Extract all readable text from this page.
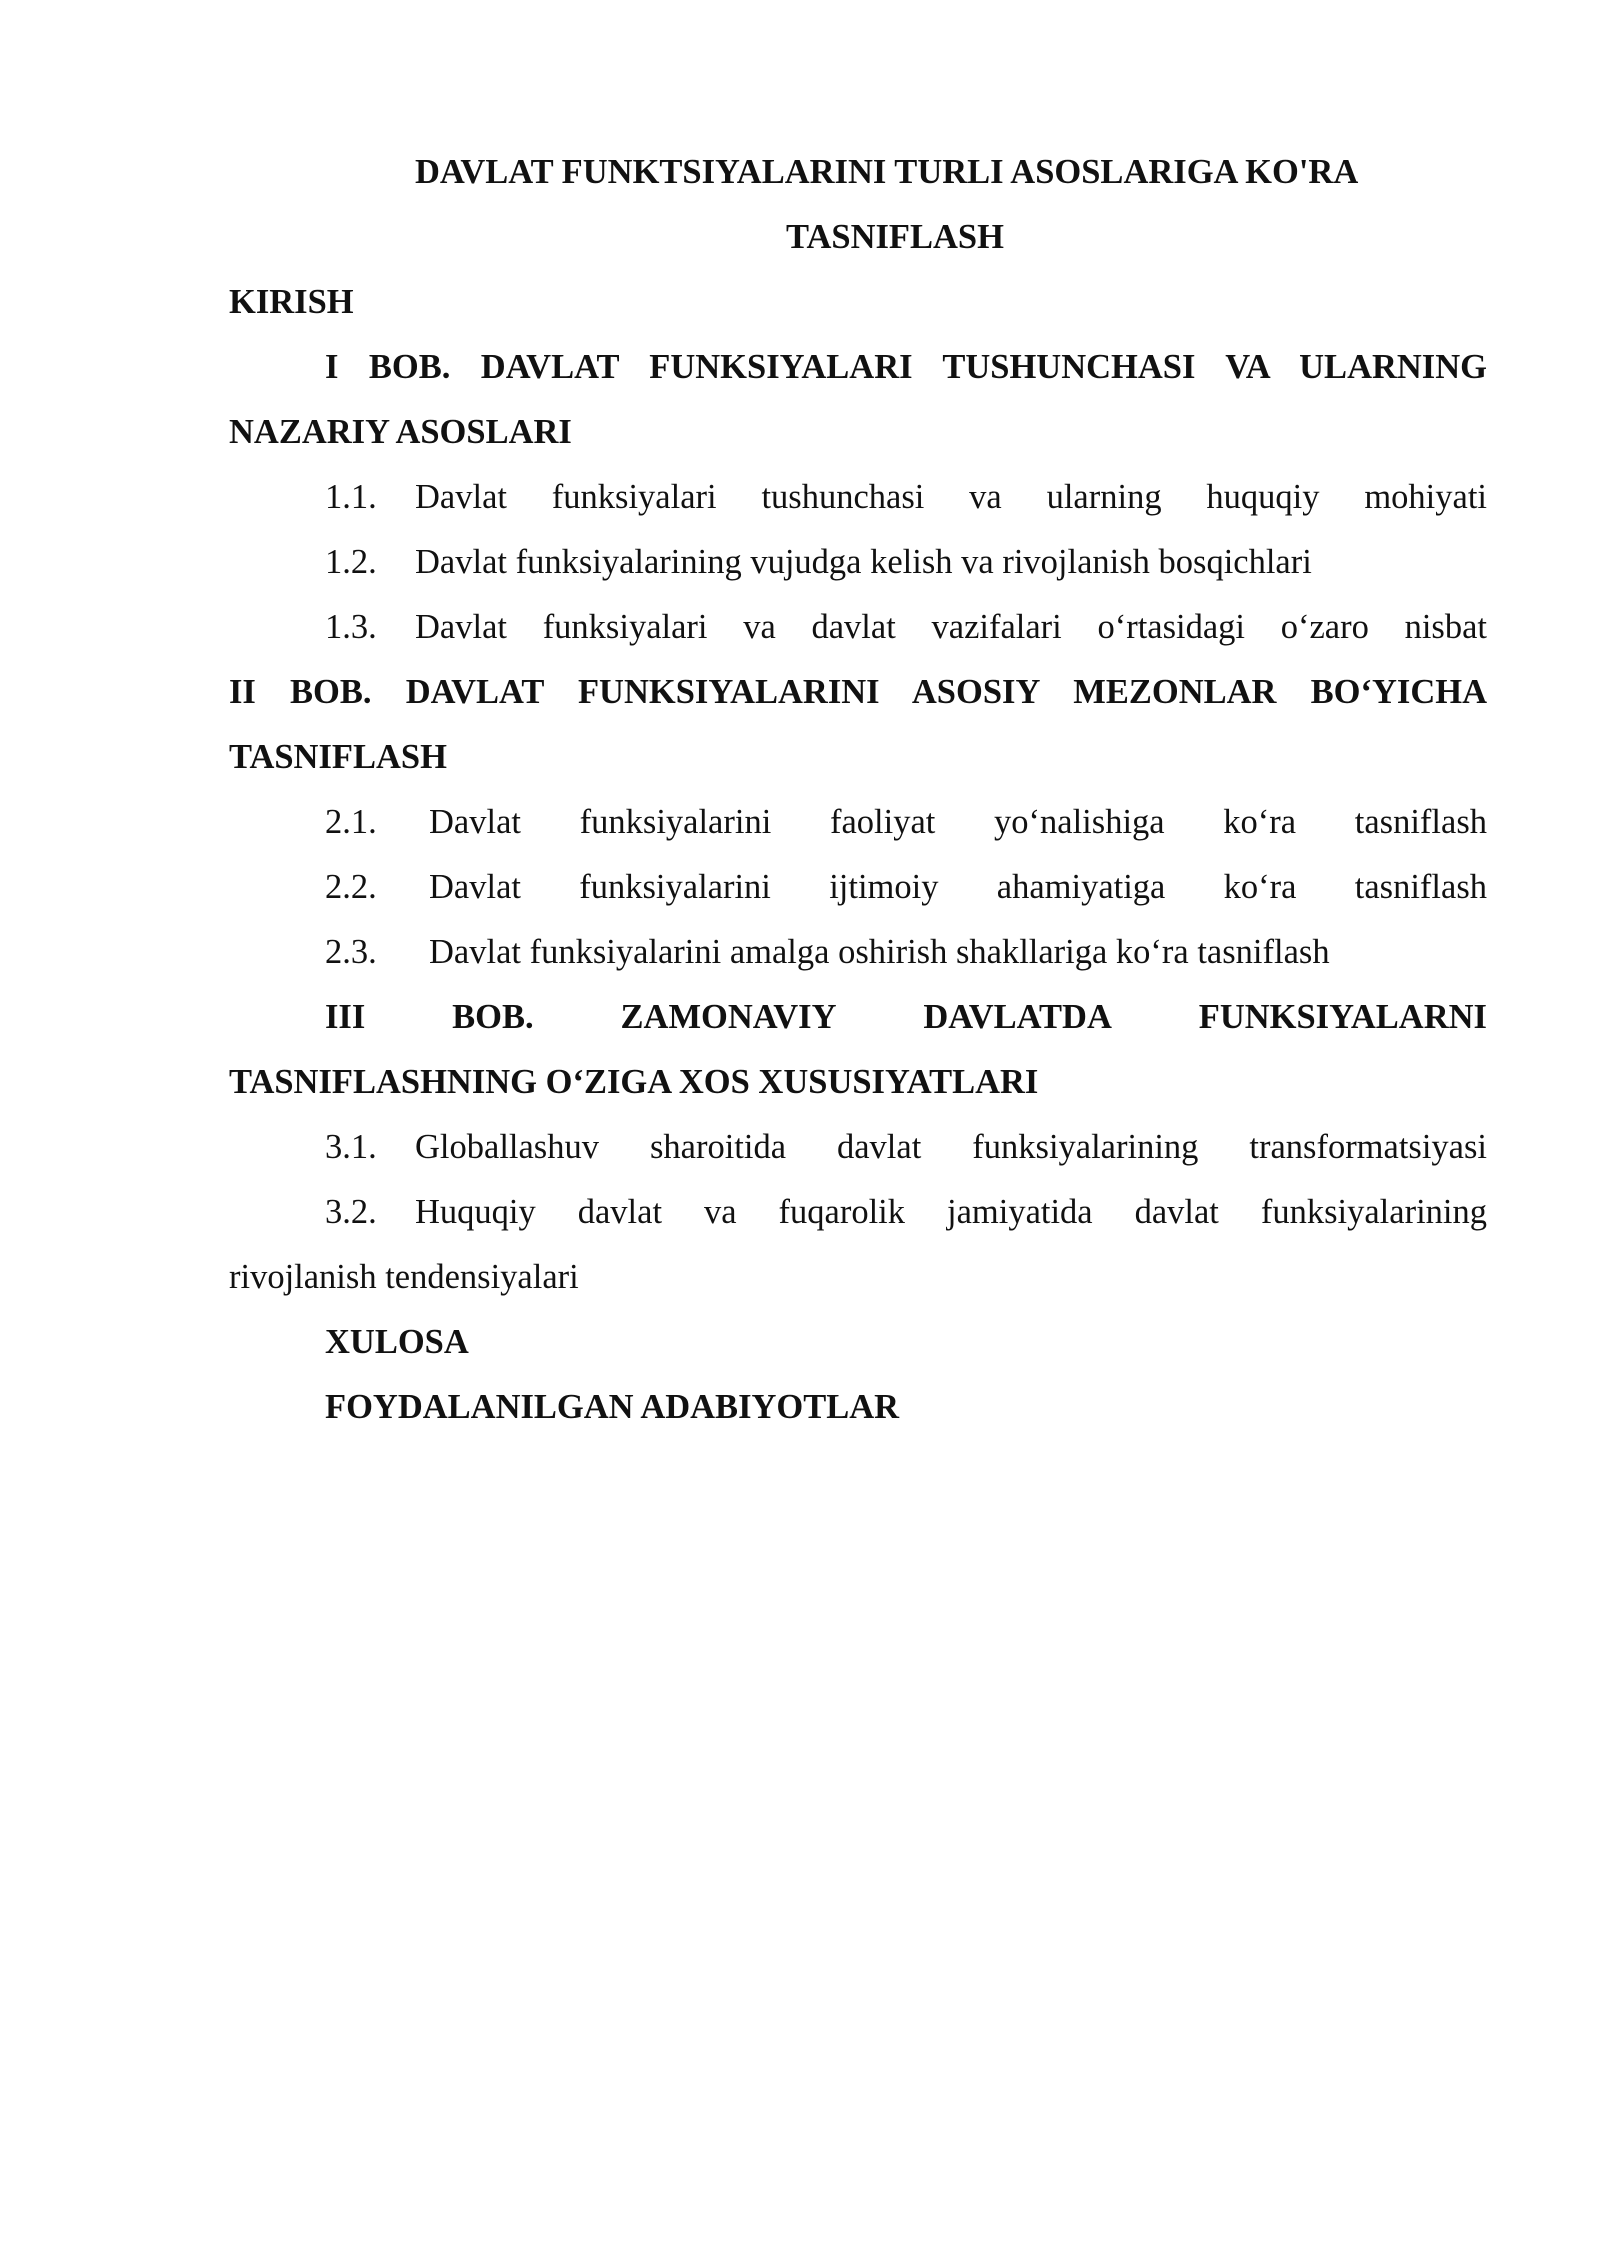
DAVLAT FUNKTSIYALARINI TURLI ASOSLARIGA KO'RA
TASNIFLASH
KIRISH
I BOB. DAVLAT FUNKSIYALARI TUSHUNCHASI VA ULARNING
NAZARIY ASOSLARI
1.1. Davlat funksiyalari tushunchasi va ularning huquqiy mohiyati
1.2. Davlat funksiyalarining vujudga kelish va rivojlanish bosqichlari
1.3. Davlat funksiyalari va davlat vazifalari o‘rtasidagi o‘zaro nisbat
II BOB. DAVLAT FUNKSIYALARINI ASOSIY MEZONLAR BO‘YICHA
TASNIFLASH
2.1. Davlat funksiyalarini faoliyat yo‘nalishiga ko‘ra tasniflash
2.2. Davlat funksiyalarini ijtimoiy ahamiyatiga ko‘ra tasniflash
2.3. Davlat funksiyalarini amalga oshirish shakllariga ko‘ra tasniflash
III	BOB.	ZAMONAVIY	DAVLATDA	FUNKSIYALARNI
TASNIFLASHNING O‘ZIGA XOS XUSUSIYATLARI
3.1. Globallashuv sharoitida davlat funksiyalarining transformatsiyasi
3.2. Huquqiy davlat va fuqarolik jamiyatida davlat funksiyalarining
rivojlanish tendensiyalari
XULOSA
FOYDALANILGAN ADABIYOTLAR
